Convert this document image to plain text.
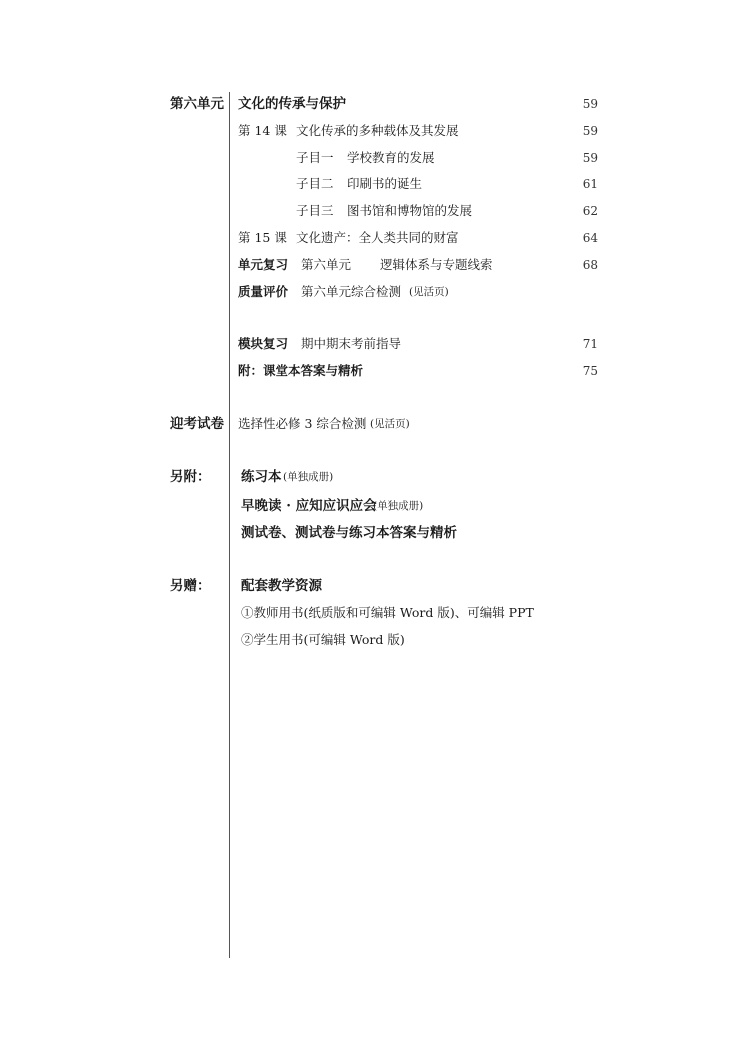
第六单元 文化的传承与保护	59
第 14 课 文化传承的多种载体及其发展	59
子目一 学校教育的发展	59
子目二 印刷书的诞生	61
子目三 图书馆和博物馆的发展	62
第 15 课 文化遗产：全人类共同的财富	64
单元复习 第六单元 逻辑体系与专题线索	68
质量评价 第六单元综合检测 (见活页)
模块复习 期中期末考前指导	71
附：课堂本答案与精析	75
迎考试卷 选择性必修 3 综合检测 (见活页)
另附： 练习本 (单独成册)
早晚读 · 应知应识应会
(单独成册)
测试卷、测试卷与练习本答案与精析
另赠： 配套教学资源
①教师用书(纸质版和可编辑 Word 版)、可编辑 PPT
②学生用书(可编辑 Word 版)
